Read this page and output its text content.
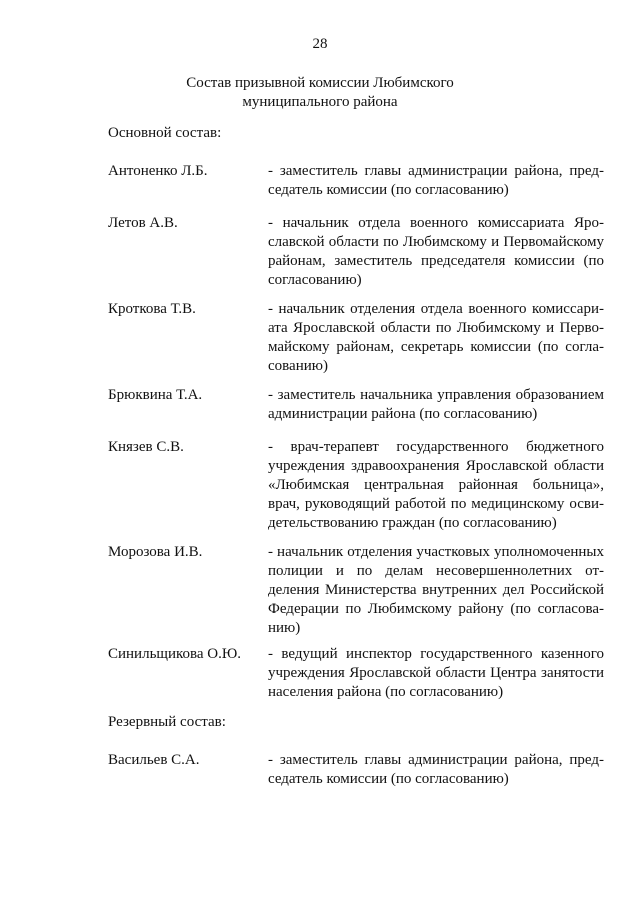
28
Состав призывной комиссии Любимского
муниципального района
Основной состав:
Антоненко Л.Б.	- заместитель главы администрации района, председатель комиссии (по согласованию)
Летов А.В.	- начальник отдела военного комиссариата Ярославской области по Любимскому и Первомайскому районам, заместитель председателя комиссии (по согласованию)
Кроткова Т.В.	- начальник отделения отдела военного комиссариата Ярославской области по Любимскому и Первомайскому районам, секретарь комиссии (по согласованию)
Брюквина Т.А.	- заместитель начальника управления образованием администрации района (по согласованию)
Князев С.В.	- врач-терапевт государственного бюджетного учреждения здравоохранения Ярославской области «Любимская центральная районная больница», врач, руководящий работой по медицинскому освидетельствованию граждан (по согласованию)
Морозова И.В.	- начальник отделения участковых уполномоченных полиции и по делам несовершеннолетних отделения Министерства внутренних дел Российской Федерации по Любимскому району (по согласованию)
Синильщикова О.Ю. - ведущий инспектор государственного казенного учреждения Ярославской области Центра занятости населения района (по согласованию)
Резервный состав:
Васильев С.А.	- заместитель главы администрации района, председатель комиссии (по согласованию)
